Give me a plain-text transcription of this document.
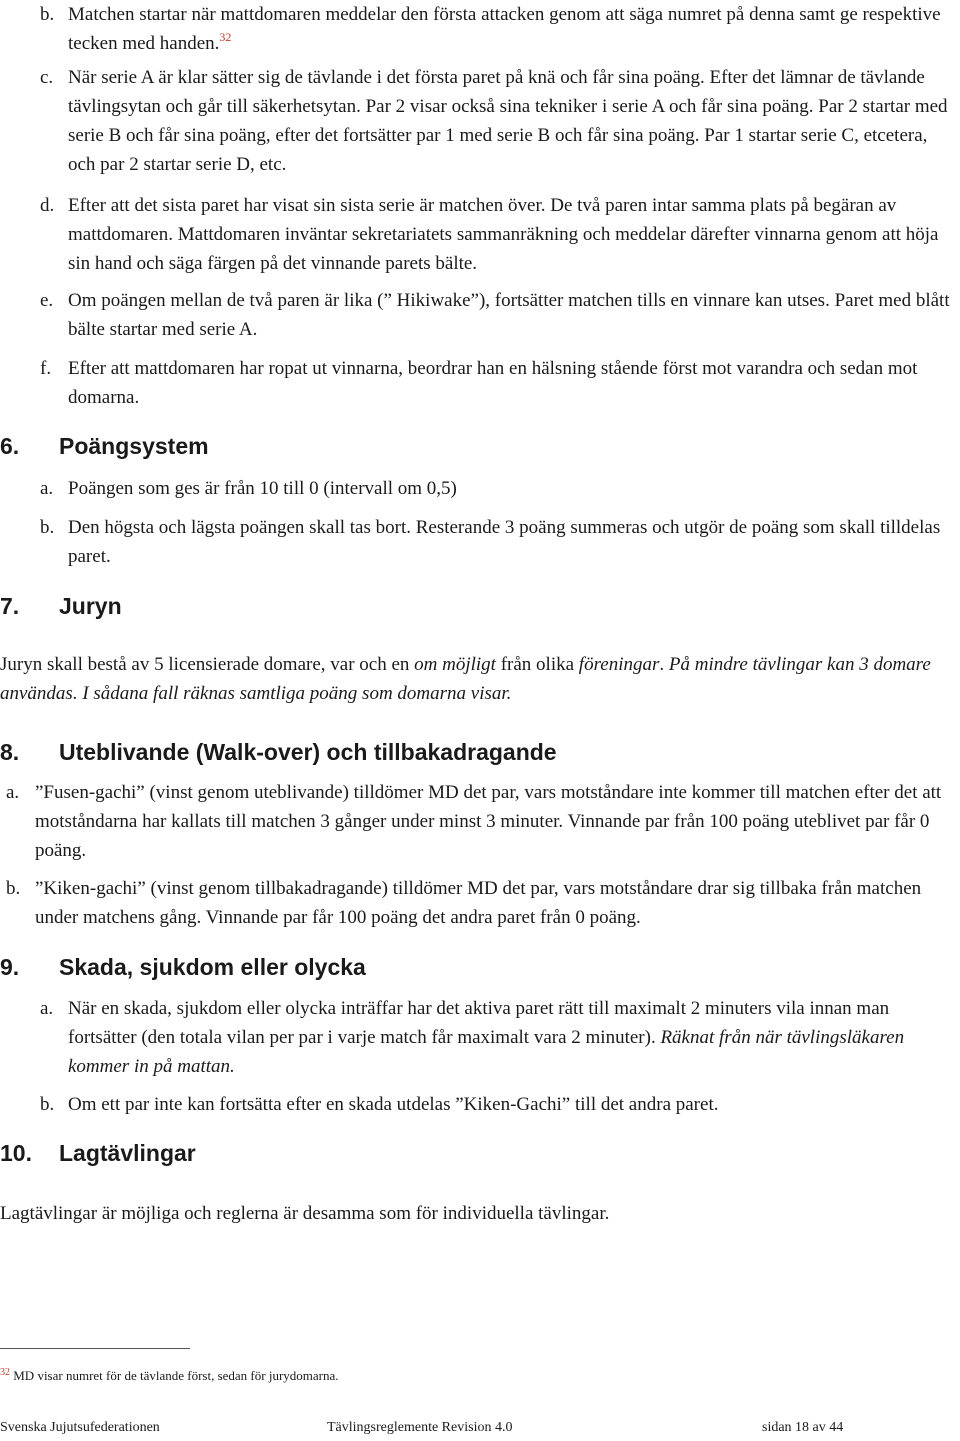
b. Matchen startar när mattdomaren meddelar den första attacken genom att säga numret på denna samt ge respektive tecken med handen.$^{32}$
c. När serie A är klar sätter sig de tävlande i det första paret på knä och får sina poäng. Efter det lämnar de tävlande tävlingsytan och går till säkerhetsytan. Par 2 visar också sina tekniker i serie A och får sina poäng. Par 2 startar med serie B och får sina poäng, efter det fortsätter par 1 med serie B och får sina poäng. Par 1 startar serie C, etcetera, och par 2 startar serie D, etc.
d. Efter att det sista paret har visat sin sista serie är matchen över. De två paren intar samma plats på begäran av mattdomaren. Mattdomaren inväntar sekretariatets sammanräkning och meddelar därefter vinnarna genom att höja sin hand och säga färgen på det vinnande parets bälte.
e. Om poängen mellan de två paren är lika (” Hikiwake”), fortsätter matchen tills en vinnare kan utses. Paret med blått bälte startar med serie A.
f. Efter att mattdomaren har ropat ut vinnarna, beordrar han en hälsning stående först mot varandra och sedan mot domarna.
6. Poängsystem
a. Poängen som ges är från 10 till 0 (intervall om 0,5)
b. Den högsta och lägsta poängen skall tas bort. Resterande 3 poäng summeras och utgör de poäng som skall tilldelas paret.
7. Juryn

Juryn skall bestå av 5 licensierade domare, var och en om möjligt från olika föreningar. På mindre tävlingar kan 3 domare användas. I sådana fall räknas samtliga poäng som domarna visar.

8. Uteblivande (Walk-over) och tillbakadragande
a. ”Fusen-gachi” (vinst genom uteblivande) tilldömer MD det par, vars motståndare inte kommer till matchen efter det att motståndarna har kallats till matchen 3 gånger under minst 3 minuter. Vinnande par från 100 poäng uteblivet par får 0 poäng.
b. ”Kiken-gachi” (vinst genom tillbakadragande) tilldömer MD det par, vars motståndare drar sig tillbaka från matchen under matchens gång. Vinnande par får 100 poäng det andra paret från 0 poäng.
9. Skada, sjukdom eller olycka
a. När en skada, sjukdom eller olycka inträffar har det aktiva paret rätt till maximalt 2 minuters vila innan man fortsätter (den totala vilan per par i varje match får maximalt vara 2 minuter). Räknat från när tävlingsläkaren kommer in på mattan.
b. Om ett par inte kan fortsätta efter en skada utdelas ”Kiken-Gachi” till det andra paret.
10. Lagtävlingar

Lagtävlingar är möjliga och reglerna är desamma som för individuella tävlingar.

$^{32}$ MD visar numret för de tävlande först, sedan för jurydomarna.
Svenska Jujutsufederationen	Tävlingsreglemente Revision 4.0	sidan 18 av 44
